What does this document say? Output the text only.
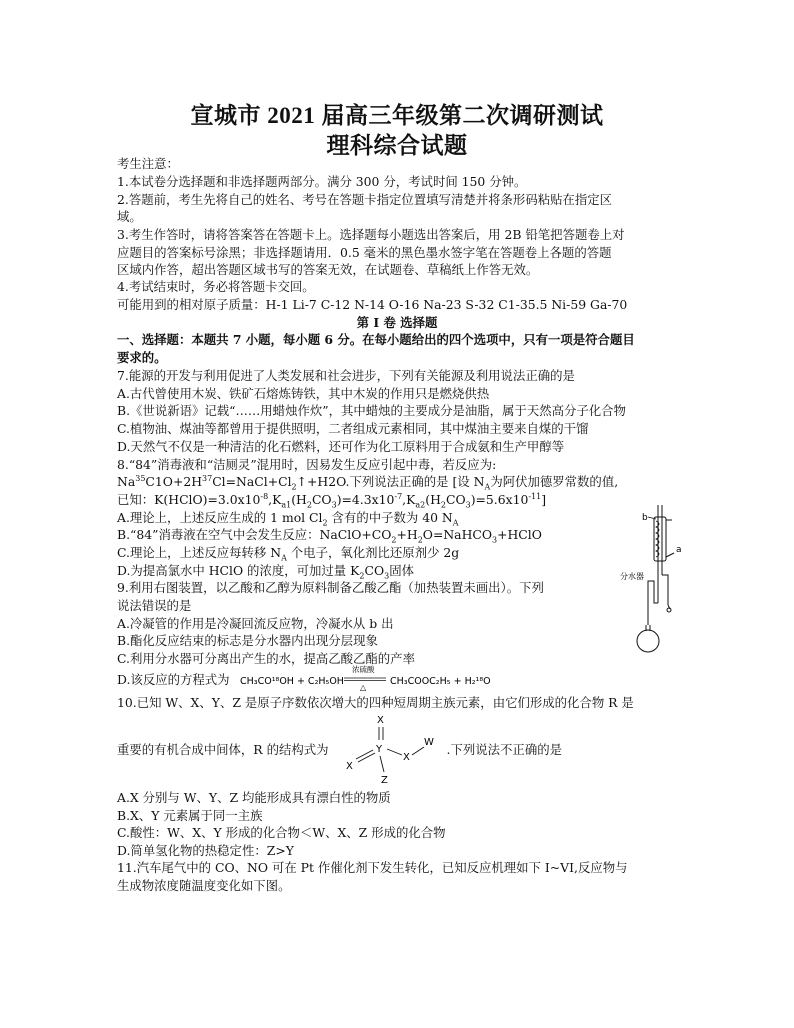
宣城市 2021 届高三年级第二次调研测试
理科综合试题
考生注意：
1.本试卷分选择题和非选择题两部分。满分 300 分，考试时间 150 分钟。
2.答题前，考生先将自己的姓名、考号在答题卡指定位置填写清楚并将条形码粘贴在指定区
域。
3.考生作答时，请将答案答在答题卡上。选择题每小题选出答案后，用 2B 铅笔把答题卷上对
应题目的答案标号涂黑；非选择题请用．0.5 毫米的黑色墨水签字笔在答题卷上各题的答题
区域内作答，超出答题区域书写的答案无效，在试题卷、草稿纸上作答无效。
4.考试结束时，务必将答题卡交回。
可能用到的相对原子质量：H-1 Li-7 C-12 N-14 O-16 Na-23 S-32 C1-35.5 Ni-59 Ga-70
第 I 卷 选择题
一、选择题：本题共 7 小题，每小题 6 分。在每小题给出的四个选项中，只有一项是符合题目
要求的。
7.能源的开发与利用促进了人类发展和社会进步，下列有关能源及利用说法正确的是
A.古代曾使用木炭、铁矿石熔炼铸铁，其中木炭的作用只是燃烧供热
B.《世说新语》记载“……用蜡烛作炊”，其中蜡烛的主要成分是油脂，属于天然高分子化合物
C.植物油、煤油等都曾用于提供照明，二者组成元素相同，其中煤油主要来自煤的干馏
D.天然气不仅是一种清洁的化石燃料，还可作为化工原料用于合成氨和生产甲醇等
8.“84”消毒液和“洁厕灵”混用时，因易发生反应引起中毒，若反应为:
$Na^{35}C1O+2H^{37}Cl=NaCl+Cl_2↑+H2O$.下列说法正确的是 [设 $N_A$为阿伏加德罗常数的值,
已知：$K(HClO)=3.0x10^{-8},K_{a1}(H_2CO_3)=4.3x10^{-7},K_{a2}(H_2CO_3)=5.6x10^{-11}$]
A.理论上，上述反应生成的 1 mol $Cl_2$ 含有的中子数为 40 $N_A$
B.“84”消毒液在空气中会发生反应：$NaClO+CO_2+H_2O=NaHCO_3+HClO$
C.理论上，上述反应每转移 $N_A$ 个电子，氧化剂比还原剂少 2g
D.为提高氯水中 HClO 的浓度，可加过量 $K_2CO_3$固体
9.利用右图装置，以乙酸和乙醇为原料制备乙酸乙酯（加热装置未画出）。下列
说法错误的是
A.冷凝管的作用是冷凝回流反应物，冷凝水从 b 出
B.酯化反应结束的标志是分水器内出现分层现象
C.利用分水器可分离出产生的水，提高乙酸乙酯的产率
D.该反应的方程式为 CH₃CO¹⁸OH + C₂H₅OH
浓硫酸
△
CH₃COOC₂H₅ + H₂¹⁸O
b
a
分水器
10.已知 W、X、Y、Z 是原子序数依次增大的四种短周期主族元素，由它们形成的化合物 R 是
重要的有机合成中间体，R 的结构式为	.下列说法不正确的是
X
Y
X
X
W
Z
A.X 分别与 W、Y、Z 均能形成具有漂白性的物质
B.X、Y 元素属于同一主族
C.酸性：W、X、Y 形成的化合物＜W、X、Z 形成的化合物
D.简单氢化物的热稳定性：Z>Y
11.汽车尾气中的 CO、NO 可在 Pt 作催化剂下发生转化，已知反应机理如下 I~VI,反应物与
生成物浓度随温度变化如下图。
